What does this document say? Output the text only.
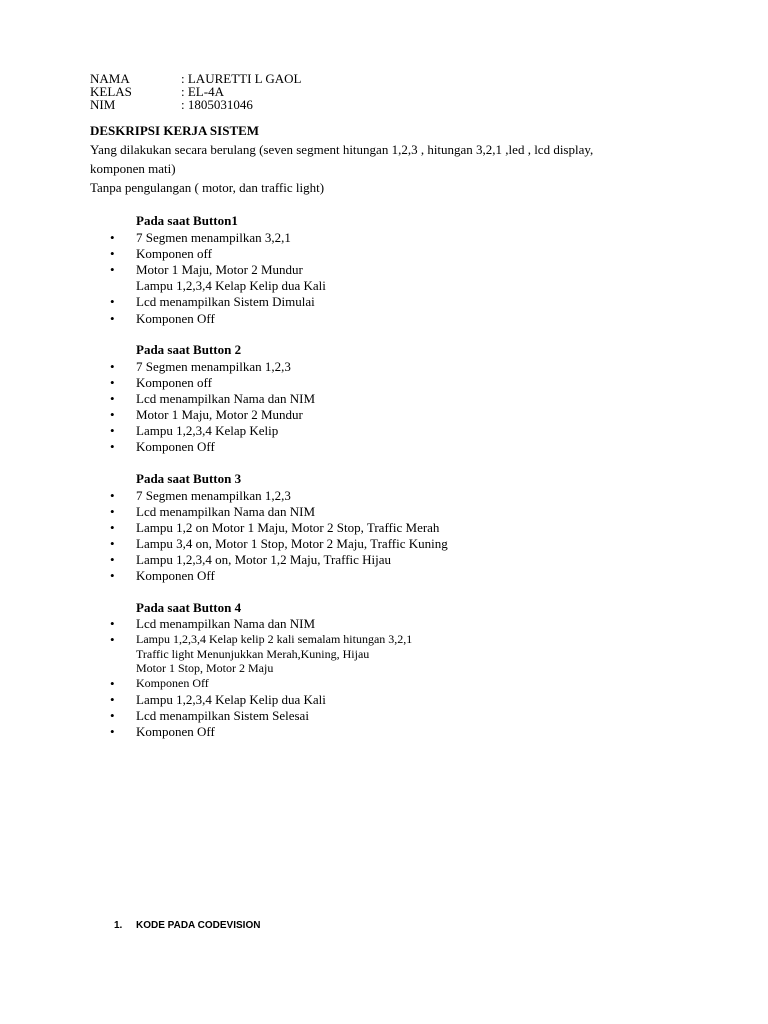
NAMA	: LAURETTI L GAOL
KELAS	: EL-4A
NIM	: 1805031046
DESKRIPSI KERJA SISTEM
Yang dilakukan secara berulang (seven segment hitungan 1,2,3 , hitungan 3,2,1 ,led , lcd display,
komponen mati)
Tanpa pengulangan ( motor, dan traffic light)
Pada saat Button1
• 7 Segmen menampilkan 3,2,1
• Komponen off
• Motor 1 Maju, Motor 2 Mundur
Lampu 1,2,3,4 Kelap Kelip dua Kali
• Lcd menampilkan Sistem Dimulai
• Komponen Off
Pada saat Button 2
• 7 Segmen menampilkan 1,2,3
• Komponen off
• Lcd menampilkan Nama dan NIM
• Motor 1 Maju, Motor 2 Mundur
• Lampu 1,2,3,4 Kelap Kelip
• Komponen Off
Pada saat Button 3
• 7 Segmen menampilkan 1,2,3
• Lcd menampilkan Nama dan NIM
• Lampu 1,2 on Motor 1 Maju, Motor 2 Stop, Traffic Merah
• Lampu 3,4 on, Motor 1 Stop, Motor 2 Maju, Traffic Kuning
• Lampu 1,2,3,4 on, Motor 1,2 Maju, Traffic Hijau
• Komponen Off
Pada saat Button 4
• Lcd menampilkan Nama dan NIM
• Lampu 1,2,3,4 Kelap kelip 2 kali semalam hitungan 3,2,1
Traffic light Menunjukkan Merah,Kuning, Hijau
Motor 1 Stop, Motor 2 Maju
• Komponen Off
• Lampu 1,2,3,4 Kelap Kelip dua Kali
• Lcd menampilkan Sistem Selesai
• Komponen Off
1. KODE PADA CODEVISION
